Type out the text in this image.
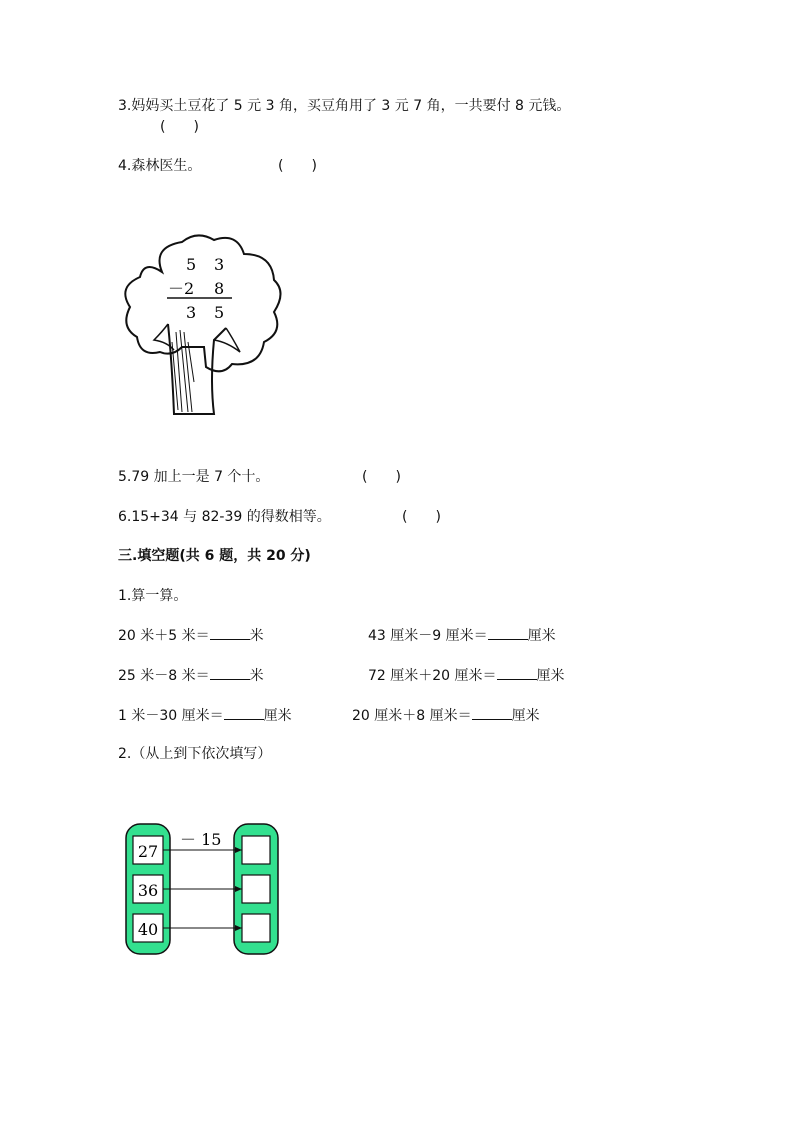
3.妈妈买土豆花了 5 元 3 角，买豆角用了 3 元 7 角，一共要付 8 元钱。
(　　)
4.森林医生。	(　　)
5 3
－2 8
3 5
5.79 加上一是 7 个十。	(　　)
6.15+34 与 82-39 的得数相等。	(　　)
三.填空题(共 6 题，共 20 分)
1.算一算。
20 米＋5 米＝	米	43 厘米－9 厘米＝	厘米
25 米－8 米＝	米	72 厘米＋20 厘米＝	厘米
1 米－30 厘米＝	厘米	20 厘米＋8 厘米＝	厘米
2.（从上到下依次填写）
27
36
40
－ 15
